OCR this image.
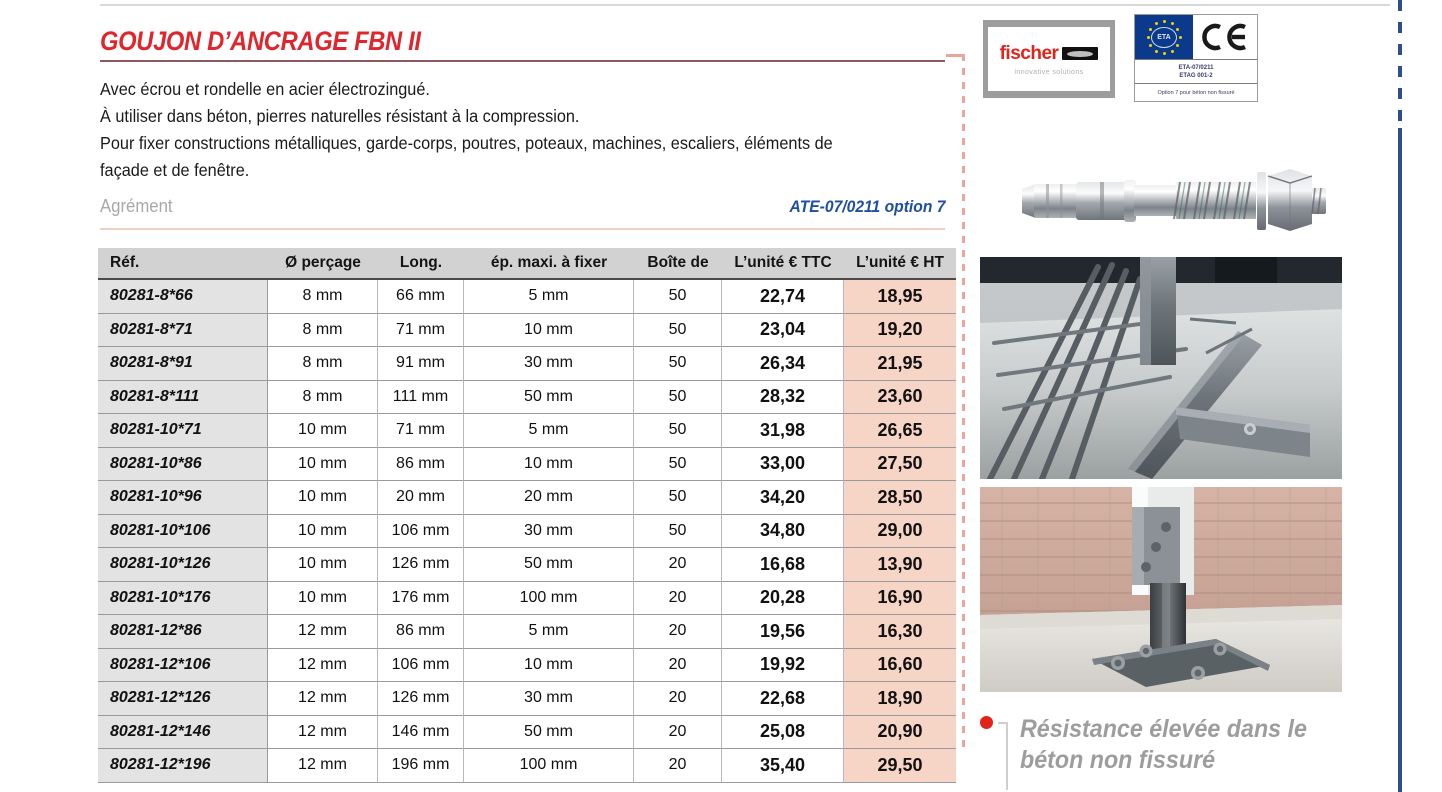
GOUJON D’ANCRAGE FBN II

Avec écrou et rondelle en acier électrozingué.

À utiliser dans béton, pierres naturelles résistant à la compression.

Pour fixer constructions métalliques, garde-corps, poutres, poteaux, machines, escaliers, éléments de façade et de fenêtre.

Agrément	ATE-07/0211 option 7
Réf.	Ø perçage	Long.	ép. maxi. à fixer	Boîte de	L’unité € TTC	L’unité € HT
80281-8*66	8 mm	66 mm	5 mm	50	22,74	18,95
80281-8*71	8 mm	71 mm	10 mm	50	23,04	19,20
80281-8*91	8 mm	91 mm	30 mm	50	26,34	21,95
80281-8*111	8 mm	111 mm	50 mm	50	28,32	23,60
80281-10*71	10 mm	71 mm	5 mm	50	31,98	26,65
80281-10*86	10 mm	86 mm	10 mm	50	33,00	27,50
80281-10*96	10 mm	20 mm	20 mm	50	34,20	28,50
80281-10*106	10 mm	106 mm	30 mm	50	34,80	29,00
80281-10*126	10 mm	126 mm	50 mm	20	16,68	13,90
80281-10*176	10 mm	176 mm	100 mm	20	20,28	16,90
80281-12*86	12 mm	86 mm	5 mm	20	19,56	16,30
80281-12*106	12 mm	106 mm	10 mm	20	19,92	16,60
80281-12*126	12 mm	126 mm	30 mm	20	22,68	18,90
80281-12*146	12 mm	146 mm	50 mm	20	25,08	20,90
80281-12*196	12 mm	196 mm	100 mm	20	35,40	29,50
fischer
innovative solutions
ETA
ETA-07/0211
ETAG 001-2
Option 7 pour béton non fissuré
Résistance élevée dans le
béton non fissuré
